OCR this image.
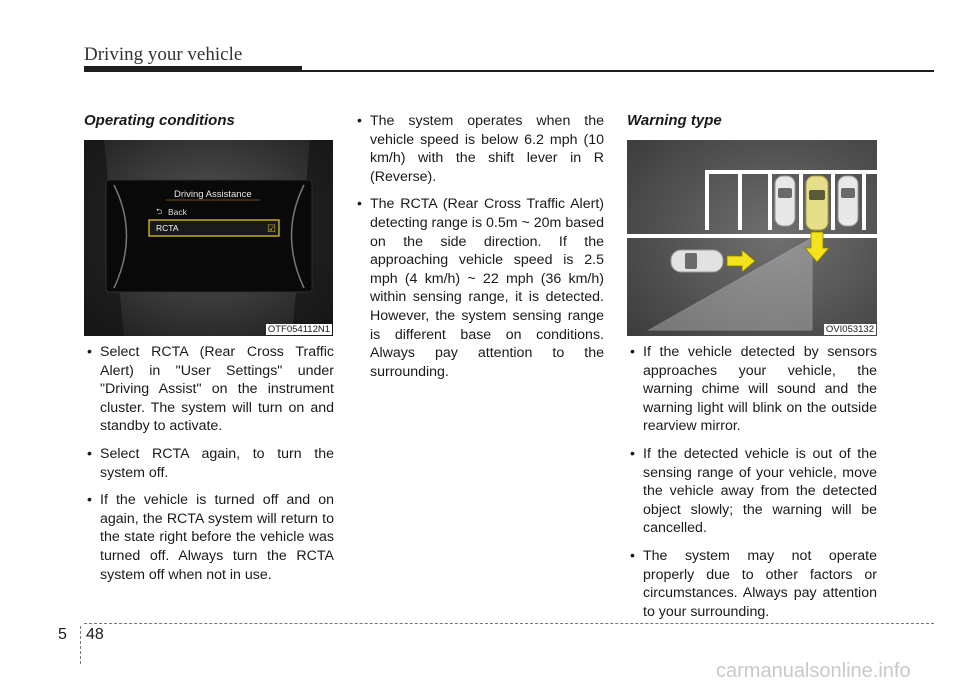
Driving your vehicle
Operating conditions
Driving Assistance
⮌ Back
RCTA	☑
OTF054112N1
• Select RCTA (Rear Cross Traffic Alert) in "User Settings" under "Driving Assist" on the instrument cluster. The system will turn on and standby to activate.
• Select RCTA again, to turn the system off.
• If the vehicle is turned off and on again, the RCTA system will return to the state right before the vehicle was turned off. Always turn the RCTA system off when not in use.
• The system operates when the vehicle speed is below 6.2 mph (10 km/h) with the shift lever in R (Reverse).
• The RCTA (Rear Cross Traffic Alert) detecting range is 0.5m ~ 20m based on the side direction. If the approaching vehicle speed is 2.5 mph (4 km/h) ~ 22 mph (36 km/h) within sensing range, it is detected. However, the system sensing range is different base on conditions. Always pay attention to the surrounding.
Warning type
OVI053132
• If the vehicle detected by sensors approaches your vehicle, the warning chime will sound and the warning light will blink on the outside rearview mirror.
• If the detected vehicle is out of the sensing range of your vehicle, move the vehicle away from the detected object slowly; the warning will be cancelled.
• The system may not operate properly due to other factors or circumstances. Always pay attention to your surrounding.
5 48
carmanualsonline.info
